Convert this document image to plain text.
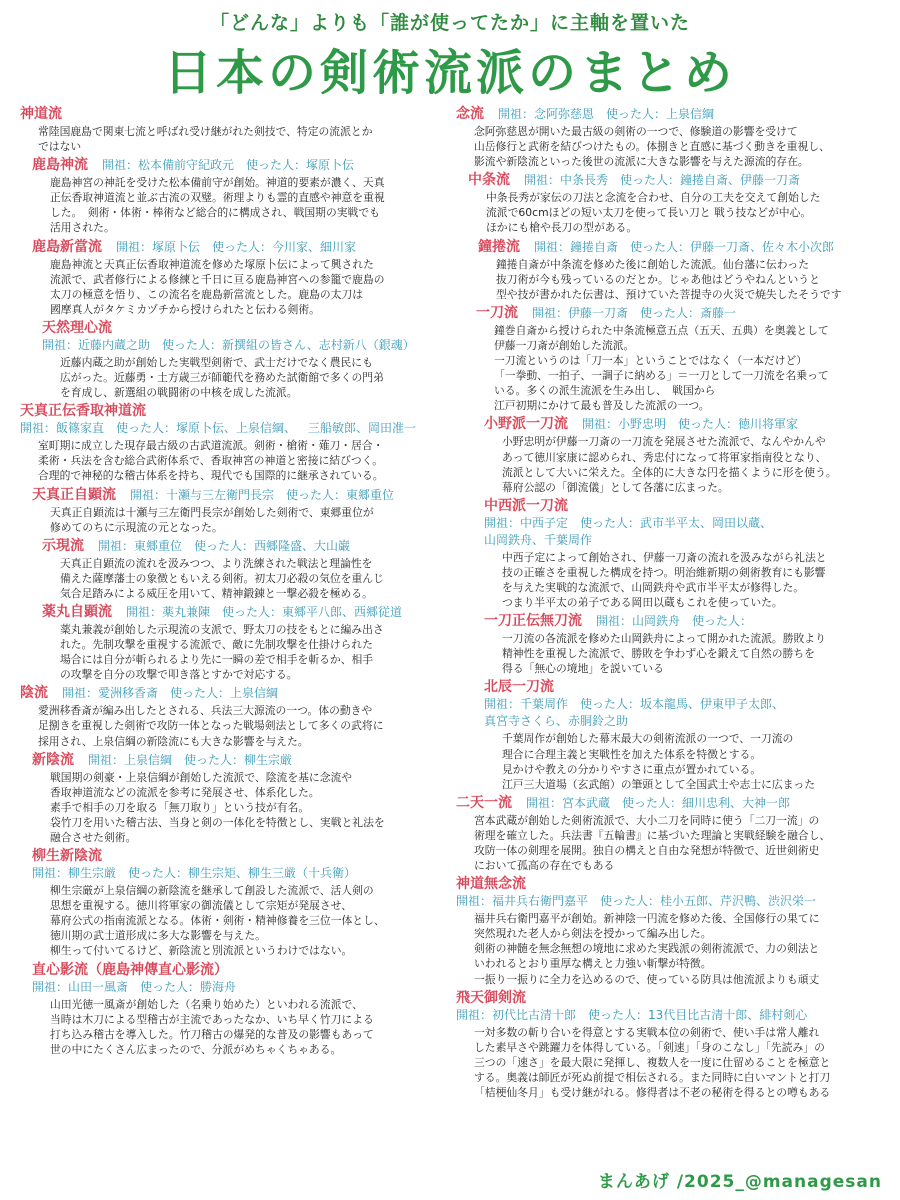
「どんな」よりも「誰が使ってたか」に主軸を置いた
日本の剣術流派のまとめ
神道流
常陸国鹿島で関東七流と呼ばれ受け継がれた剣技で、特定の流派とか
ではない
鹿島神流 開祖：松本備前守紀政元 使った人：塚原卜伝
鹿島神宮の神託を受けた松本備前守が創始。神道的要素が濃く、天真
正伝香取神道流と並ぶ古流の双璧。術理よりも霊的直感や神意を重視
した。　剣術・体術・棒術など総合的に構成され、戦国期の実戦でも
活用された。
鹿島新當流 開祖：塚原卜伝 使った人：今川家、細川家
鹿島神流と天真正伝香取神道流を修めた塚原卜伝によって興された
流派で、武者修行による修練と千日に亘る鹿島神宮への参籠で鹿島の
太刀の極意を悟り、この流名を鹿島新當流とした。鹿島の太刀は
國摩真人がタケミカヅチから授けられたと伝わる剣術。
天然理心流
開祖：近藤内蔵之助 使った人：新撰組の皆さん、志村新八（銀魂）
近藤内蔵之助が創始した実戦型剣術で、武士だけでなく農民にも
広がった。近藤勇・土方歳三が師範代を務めた試衛館で多くの門弟
を育成し、新選組の戦闘術の中核を成した流派。
天真正伝香取神道流
開祖：飯篠家直 使った人：塚原卜伝、上泉信綱、 三船敏郎、岡田准一
室町期に成立した現存最古級の古武道流派。剣術・槍術・薙刀・居合・
柔術・兵法を含む総合武術体系で、香取神宮の神道と密接に結びつく。
合理的で神秘的な稽古体系を持ち、現代でも国際的に継承されている。
天真正自顕流 開祖：十瀬与三左衛門長宗 使った人：東郷重位
天真正自顕流は十瀬与三左衛門長宗が創始した剣術で、東郷重位が
修めてのちに示現流の元となった。
示現流 開祖：東郷重位 使った人：西郷隆盛、大山巌
天真正自顕流の流れを汲みつつ、より洗練された戦法と理論性を
備えた薩摩藩士の象徴ともいえる剣術。初太刀必殺の気位を重んじ
気合足踏みによる威圧を用いて、精神鍛錬と一撃必殺を極める。
薬丸自顕流 開祖：薬丸兼陳 使った人：東郷平八郎、西郷従道
薬丸兼義が創始した示現流の支派で、野太刀の技をもとに編み出さ
れた。先制攻撃を重視する流派で、敵に先制攻撃を仕掛けられた
場合には自分が斬られるより先に一瞬の差で相手を斬るか、相手
の攻撃を自分の攻撃で叩き落とすかで対応する。
陰流 開祖：愛洲移香斎 使った人：上泉信綱
愛洲移香斎が編み出したとされる、兵法三大源流の一つ。体の動きや
足捌きを重視した剣術で攻防一体となった戦場剣法として多くの武将に
採用され、上泉信綱の新陰流にも大きな影響を与えた。
新陰流 開祖：上泉信綱 使った人：柳生宗厳
戦国期の剣豪・上泉信綱が創始した流派で、陰流を基に念流や
香取神道流などの流派を参考に発展させ、体系化した。
素手で相手の刀を取る「無刀取り」という技が有名。
袋竹刀を用いた稽古法、当身と剣の一体化を特徴とし、実戦と礼法を
融合させた剣術。
柳生新陰流
開祖：柳生宗厳 使った人：柳生宗矩、柳生三厳（十兵衛）
柳生宗厳が上泉信綱の新陰流を継承して創設した流派で、活人剣の
思想を重視する。徳川将軍家の御流儀として宗矩が発展させ、
幕府公式の指南流派となる。体術・剣術・精神修養を三位一体とし、
徳川期の武士道形成に多大な影響を与えた。
柳生って付いてるけど、新陰流と別流派というわけではない。
直心影流（鹿島神傳直心影流）
開祖：山田一風斎 使った人：勝海舟
山田光徳一風斎が創始した（名乗り始めた）といわれる流派で、
当時は木刀による型稽古が主流であったなか、いち早く竹刀による
打ち込み稽古を導入した。竹刀稽古の爆発的な普及の影響もあって
世の中にたくさん広まったので、分派がめちゃくちゃある。
念流 開祖：念阿弥慈恩 使った人：上泉信綱
念阿弥慈恩が開いた最古級の剣術の一つで、修験道の影響を受けて
山岳修行と武術を結びつけたもの。体捌きと直感に基づく動きを重視し、
影流や新陰流といった後世の流派に大きな影響を与えた源流的存在。
中条流 開祖：中条長秀 使った人：鐘捲自斎、伊藤一刀斎
中条長秀が家伝の刀法と念流を合わせ、自分の工夫を交えて創始した
流派で60cmほどの短い太刀を使って長い刀と 戦う技などが中心。
ほかにも槍や長刀の型がある。
鐘捲流 開祖：鐘捲自斎 使った人：伊藤一刀斎、佐々木小次郎
鐘捲自斎が中条流を修めた後に創始した流派。仙台藩に伝わった
抜刀術が今も残っているのだとか。じゃあ他はどうやねんというと
型や技が書かれた伝書は、預けていた菩提寺の火災で焼失したそうです
一刀流 開祖：伊藤一刀斎 使った人：斎藤一
鐘巻自斎から授けられた中条流極意五点（五天、五典）を奥義として
伊藤一刀斎が創始した流派。
一刀流というのは「刀一本」ということではなく（一本だけど）
「一拳動、一拍子、一調子に納める」＝一刀として一刀流を名乗って
いる。多くの派生流派を生み出し、　戦国から
江戸初期にかけて最も普及した流派の一つ。
小野派一刀流 開祖：小野忠明 使った人：徳川将軍家
小野忠明が伊藤一刀斎の一刀流を発展させた流派で、なんやかんや
あって徳川家康に認められ、秀忠付になって将軍家指南役となり、
流派として大いに栄えた。全体的に大きな円を描くように形を使う。
幕府公認の「御流儀」として各藩に広まった。
中西派一刀流
開祖：中西子定 使った人：武市半平太、岡田以蔵、山岡鉄舟、千葉周作
中西子定によって創始され、伊藤一刀斎の流れを汲みながら礼法と
技の正確さを重視した構成を持つ。明治維新期の剣術教育にも影響
を与えた実戦的な流派で、山岡鉄舟や武市半平太が修得した。
つまり半平太の弟子である岡田以蔵もこれを使っていた。
一刀正伝無刀流 開祖：山岡鉄舟 使った人：
一刀流の各流派を修めた山岡鉄舟によって開かれた流派。勝敗より
精神性を重視した流派で、勝敗を争わず心を鍛えて自然の勝ちを
得る「無心の境地」を説いている
北辰一刀流
開祖：千葉周作 使った人：坂本龍馬、伊東甲子太郎、真宮寺さくら、赤胴鈴之助
千葉周作が創始した幕末最大の剣術流派の一つで、一刀流の
理合に合理主義と実戦性を加えた体系を特徴とする。
見かけや教えの分かりやすさに重点が置かれている。
江戸三大道場（玄武館）の筆頭として全国武士や志士に広まった
二天一流 開祖：宮本武蔵 使った人：細川忠利、大神一郎
宮本武蔵が創始した剣術流派で、大小二刀を同時に使う「二刀一流」の
術理を確立した。兵法書『五輪書』に基づいた理論と実戦経験を融合し、
攻防一体の剣理を展開。独自の構えと自由な発想が特徴で、近世剣術史
において孤高の存在でもある
神道無念流
開祖：福井兵右衛門嘉平 使った人：桂小五郎、芹沢鴨、渋沢栄一
福井兵右衛門嘉平が創始。新神陰一円流を修めた後、全国修行の果てに
突然現れた老人から剣法を授かって編み出した。
剣術の神髄を無念無想の境地に求めた実践派の剣術流派で、力の剣法と
いわれるとおり重厚な構えと力強い斬撃が特徴。
一振り一振りに全力を込めるので、使っている防具は他流派よりも頑丈
飛天御剣流
開祖：初代比古清十郎 使った人：13代目比古清十郎、緋村剣心
一対多数の斬り合いを得意とする実戦本位の剣術で、使い手は常人離れ
した素早さや跳躍力を体得している。「剣速」「身のこなし」「先読み」の
三つの「速さ」を最大限に発揮し、複数人を一度に仕留めることを極意と
する。奥義は師匠が死ぬ前提で相伝される。また同時に白いマントと打刀
「桔梗仙冬月」も受け継がれる。修得者は不老の秘術を得るとの噂もある
まんあげ /2025_@managesan
